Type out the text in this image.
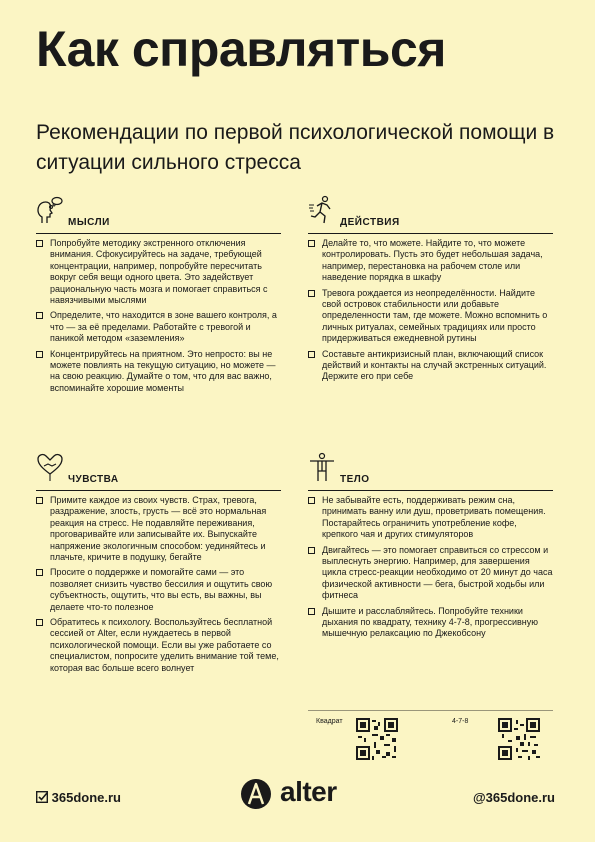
Как справляться
Рекомендации по первой психологической помощи в ситуации сильного стресса
МЫСЛИ
Попробуйте методику экстренного отключения внимания. Сфокусируйтесь на задаче, требующей концентрации, например, попробуйте пересчитать вокруг себя вещи одного цвета. Это задействует рациональную часть мозга и помогает справиться с навязчивыми мыслями
Определите, что находится в зоне вашего контроля, а что — за её пределами. Работайте с тревогой и паникой методом «заземления»
Концентрируйтесь на приятном. Это непросто: вы не можете повлиять на текущую ситуацию, но можете — на свою реакцию. Думайте о том, что для вас важно, вспоминайте хорошие моменты
ДЕЙСТВИЯ
Делайте то, что можете. Найдите то, что можете контролировать. Пусть это будет небольшая задача, например, перестановка на рабочем столе или наведение порядка в шкафу
Тревога рождается из неопределённости. Найдите свой островок стабильности или добавьте определенности там, где можете. Можно вспомнить о личных ритуалах, семейных традициях или просто придерживаться ежедневной рутины
Составьте антикризисный план, включающий список действий и контакты на случай экстренных ситуаций. Держите его при себе
ЧУВСТВА
Примите каждое из своих чувств. Страх, тревога, раздражение, злость, грусть — всё это нормальная реакция на стресс. Не подавляйте переживания, проговаривайте или записывайте их. Выпускайте напряжение экологичным способом: уединяйтесь и плачьте, кричите в подушку, бегайте
Просите о поддержке и помогайте сами — это позволяет снизить чувство бессилия и ощутить свою субъектность, ощутить, что вы есть, вы важны, вы делаете что-то полезное
Обратитесь к психологу. Воспользуйтесь бесплатной сессией от Alter, если нуждаетесь в первой психологической помощи. Если вы уже работаете со специалистом, попросите уделить внимание той теме, которая вас больше всего волнует
ТЕЛО
Не забывайте есть, поддерживать режим сна, принимать ванну или душ, проветривать помещения. Постарайтесь ограничить употребление кофе, крепкого чая и других стимуляторов
Двигайтесь — это помогает справиться со стрессом и выплеснуть энергию. Например, для завершения цикла стресс-реакции необходимо от 20 минут до часа физической активности — бега, быстрой ходьбы или фитнеса
Дышите и расслабляйтесь. Попробуйте техники дыхания по квадрату, технику 4-7-8, прогрессивную мышечную релаксацию по Джекобсону
Квадрат	4-7-8
365done.ru	alter	@365done.ru
